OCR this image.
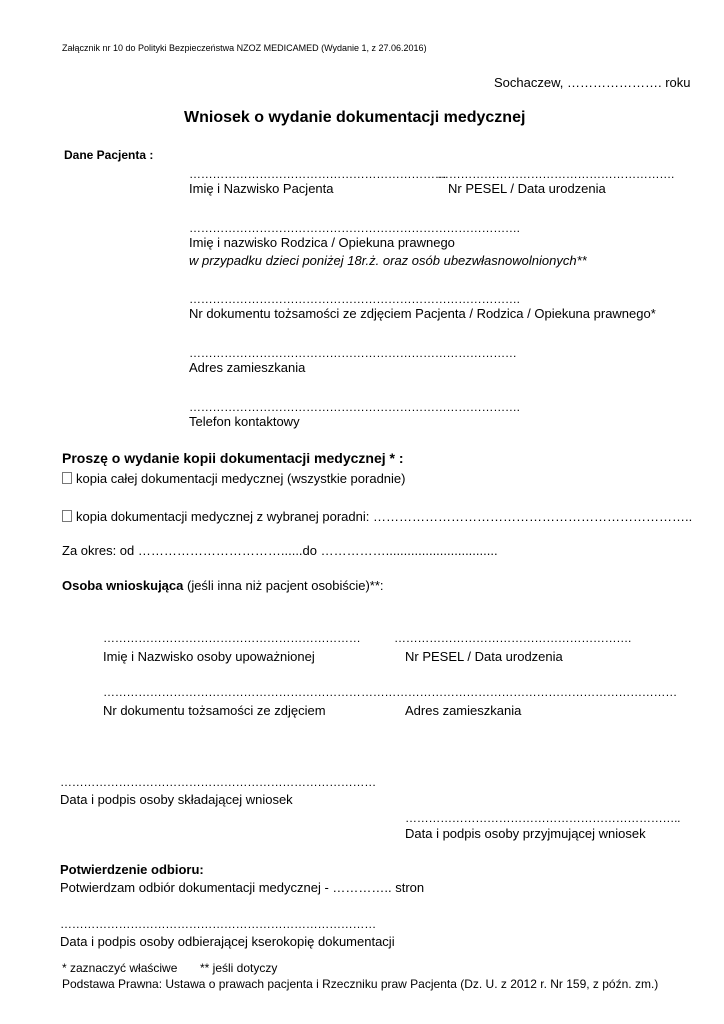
Załącznik nr 10 do Polityki Bezpieczeństwa NZOZ MEDICAMED (Wydanie 1, z 27.06.2016)
Sochaczew, …………………. roku
Wniosek o wydanie dokumentacji medycznej
Dane Pacjenta :
…………………………………………………………
Imię i Nazwisko Pacjenta
…………………………………………………….
Nr PESEL / Data urodzenia
………………………………………………………………………….
Imię i nazwisko Rodzica / Opiekuna prawnego
w przypadku dzieci poniżej 18r.ż. oraz osób ubezwłasnowolnionych**
………………………………………………………………………….
Nr dokumentu tożsamości ze zdjęciem Pacjenta / Rodzica / Opiekuna prawnego*
…………………………………………………………………………
Adres zamieszkania
………………………………………………………………………….
Telefon kontaktowy
Proszę o wydanie kopii dokumentacji medycznej * :
kopia całej dokumentacji medycznej (wszystkie poradnie)
kopia dokumentacji medycznej z wybranej poradni: ………………………………………………………………..
Za okres: od ……………………………......do ……………...............................
Osoba wnioskująca (jeśli inna niż pacjent osobiście)**:
…………………………………………………………
Imię i Nazwisko osoby upoważnionej
…………………………………………………….
Nr PESEL / Data urodzenia
…………………………………………………………
Nr dokumentu tożsamości ze zdjęciem
………………………………………………………………………
Adres zamieszkania
………………………………………………………………………
Data i podpis osoby składającej wniosek
……………………………………………………………..
Data i podpis osoby przyjmującej wniosek
Potwierdzenie odbioru:
Potwierdzam odbiór dokumentacji medycznej - ………….. stron
………………………………………………………………………
Data i podpis osoby odbierającej kserokopię dokumentacji
* zaznaczyć właściwe ** jeśli dotyczy
Podstawa Prawna: Ustawa o prawach pacjenta i Rzeczniku praw Pacjenta (Dz. U. z 2012 r. Nr 159, z późn. zm.)
